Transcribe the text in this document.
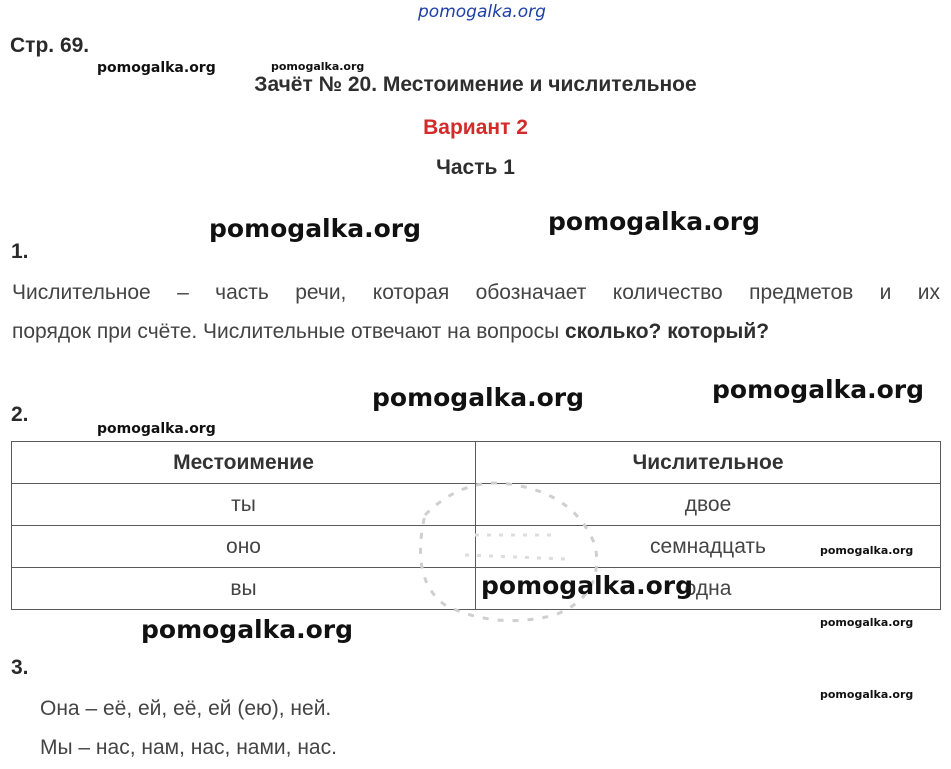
pomogalka.org
Стр. 69.
pomogalka.org	pomogalka.org
Зачёт № 20. Местоимение и числительное
Вариант 2
Часть 1
pomogalka.org	pomogalka.org
1.
Числительное – часть речи, которая обозначает количество предметов и их
порядок при счёте. Числительные отвечают на вопросы сколько? который?
pomogalka.org	pomogalka.org
2.
pomogalka.org
Местоимение	Числительное
ты	двое
оно	семнадцать
вы	одна
pomogalka.org
pomogalka.org
pomogalka.org	pomogalka.org
3.
pomogalka.org
Она – её, ей, её, ей (ею), ней.
Мы – нас, нам, нас, нами, нас.
